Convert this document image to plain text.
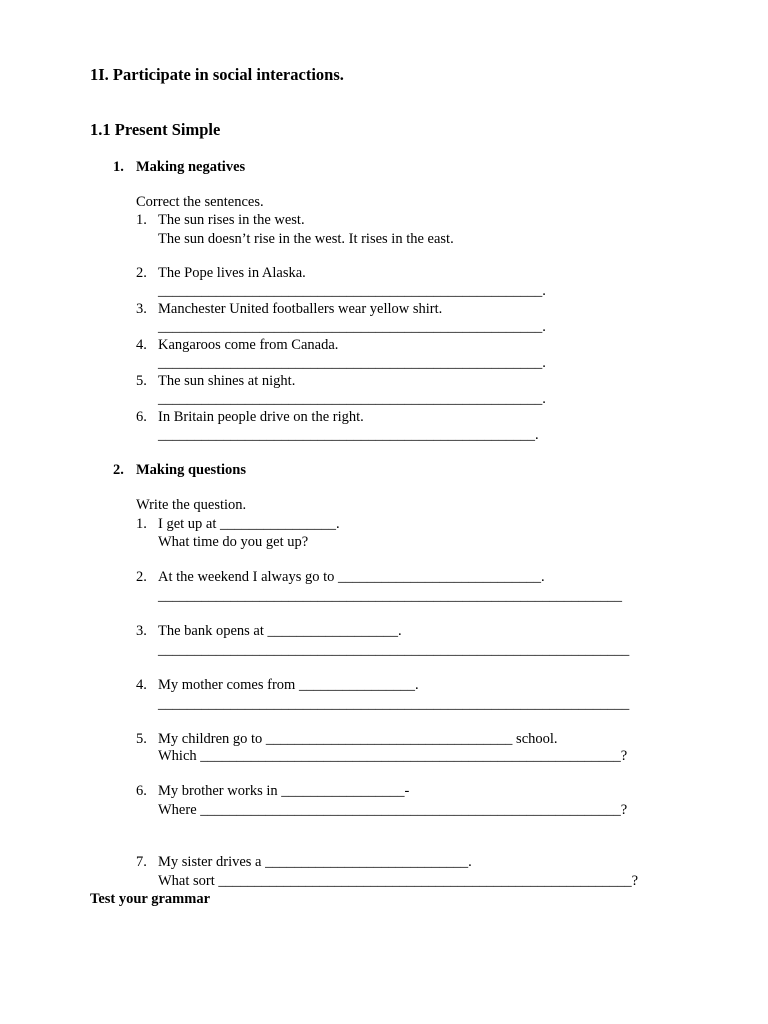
1I. Participate in social interactions.
1.1 Present Simple
1. Making negatives
Correct the sentences.
1. The sun rises in the west.
The sun doesn’t rise in the west. It rises in the east.
2. The Pope lives in Alaska.
_____________________________________________________.
3. Manchester United footballers wear yellow shirt.
_____________________________________________________.
4. Kangaroos come from Canada.
_____________________________________________________.
5. The sun shines at night.
_____________________________________________________.
6. In Britain people drive on the right.
____________________________________________________.
2. Making questions
Write the question.
1. I get up at ________________.
What time do you get up?
2. At the weekend I always go to ____________________________.
________________________________________________________________
3. The bank opens at __________________.
_________________________________________________________________
4. My mother comes from ________________.
_________________________________________________________________
5. My children go to __________________________________ school.
Which __________________________________________________________?
6. My brother works in _________________-
Where __________________________________________________________?
7. My sister drives a ____________________________.
What sort _________________________________________________________?
Test your grammar
